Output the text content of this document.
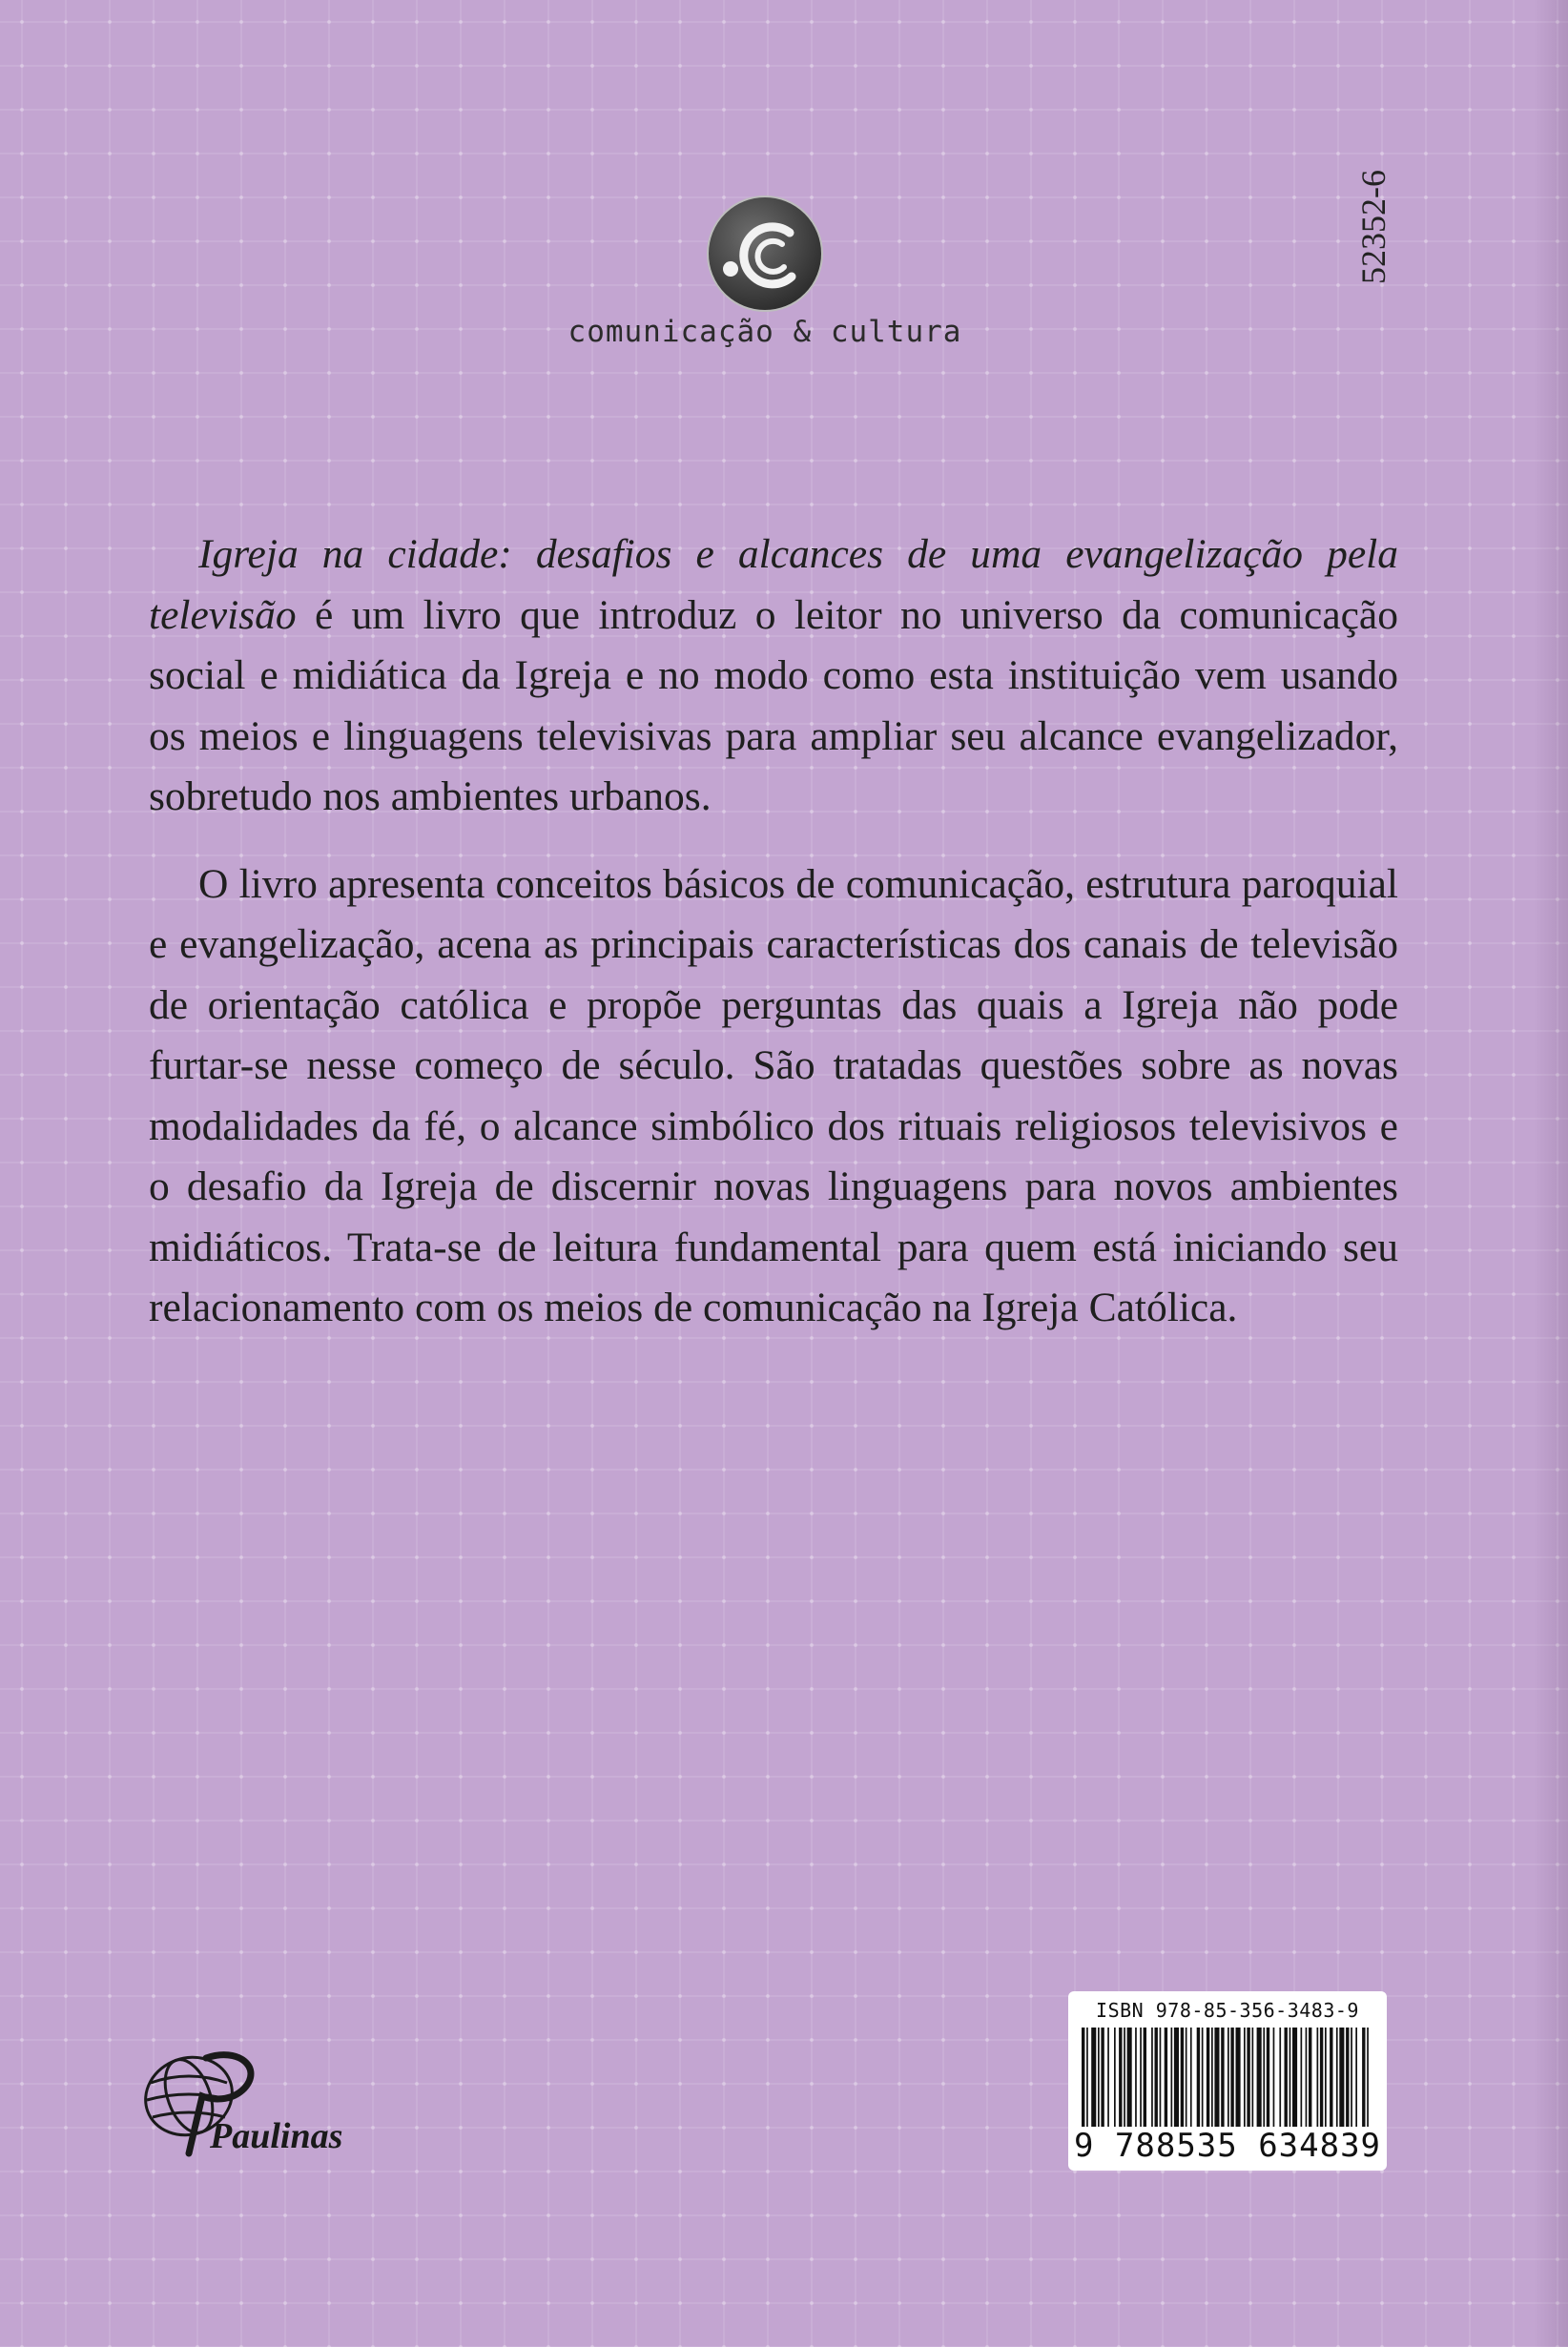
comunicação & cultura
52352-6

Igreja na cidade: desafios e alcances de uma evangelização pela televisão é um livro que introduz o leitor no universo da comunicação social e midiática da Igreja e no modo como esta instituição vem usando os meios e linguagens televisivas para ampliar seu alcance evangelizador, sobretudo nos ambientes urbanos.

O livro apresenta conceitos básicos de comunicação, estrutura paroquial e evangelização, acena as principais características dos canais de televisão de orientação católica e propõe perguntas das quais a Igreja não pode furtar-se nesse começo de século. São tratadas questões sobre as novas modalidades da fé, o alcance simbólico dos rituais religiosos televisivos e o desafio da Igreja de discernir novas linguagens para novos ambientes midiáticos. Trata-se de leitura fundamental para quem está iniciando seu relacionamento com os meios de comunicação na Igreja Católica.

Paulinas
ISBN 978-85-356-3483-9
9 788535 634839
